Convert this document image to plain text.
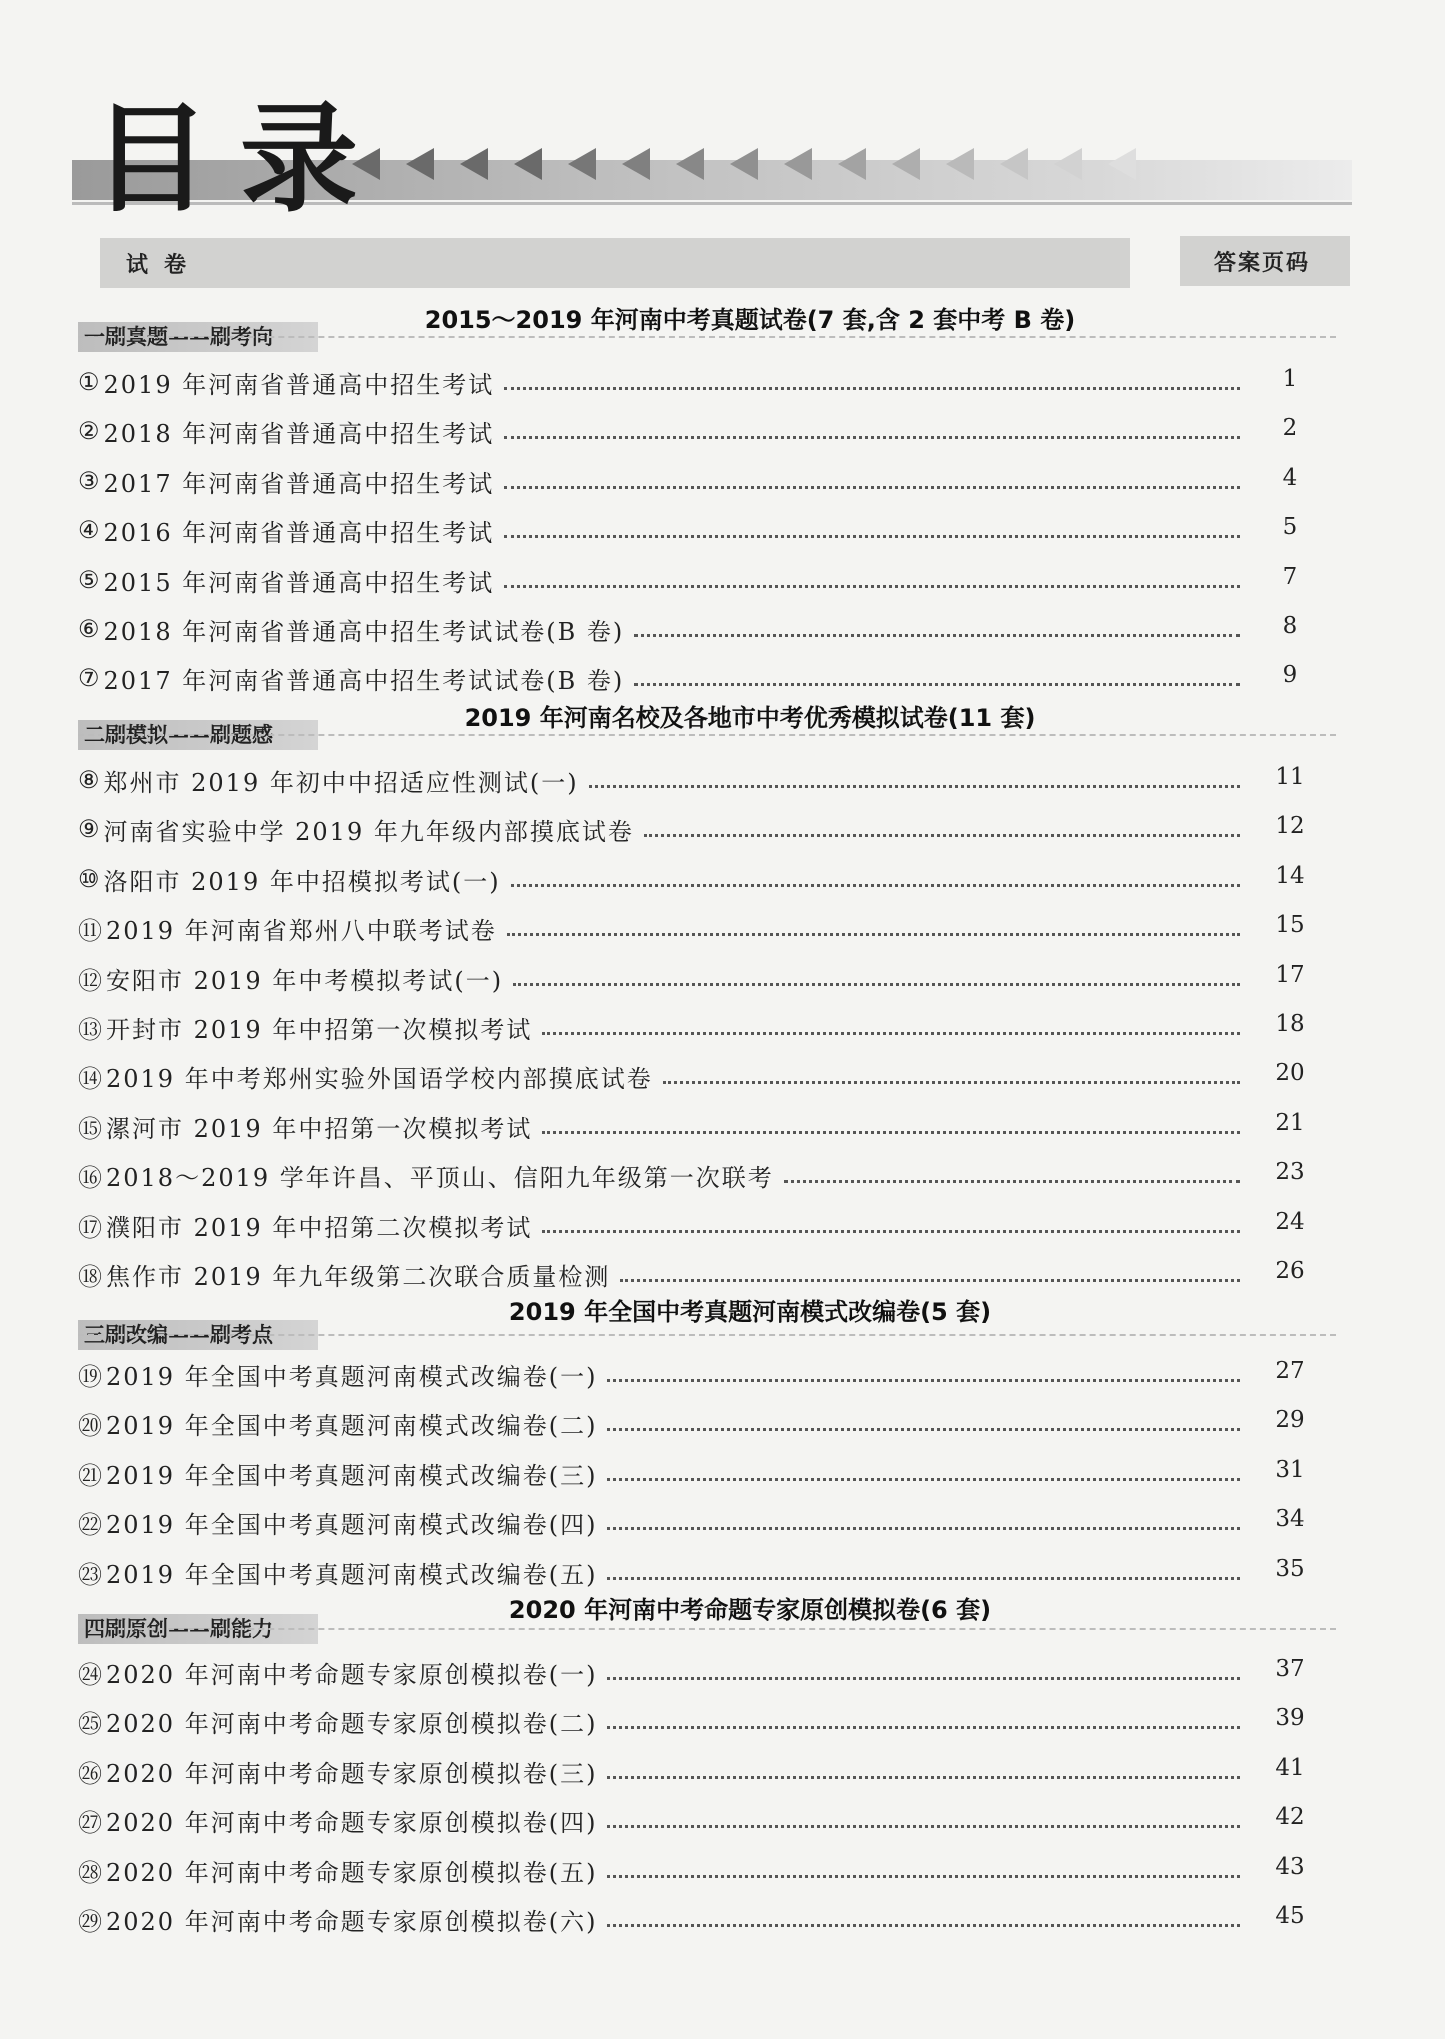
目录
试卷	答案页码
一刷真题——刷考向
2015～2019 年河南中考真题试卷(7 套,含 2 套中考 B 卷)
① 2019 年河南省普通高中招生考试	1
② 2018 年河南省普通高中招生考试	2
③ 2017 年河南省普通高中招生考试	4
④ 2016 年河南省普通高中招生考试	5
⑤ 2015 年河南省普通高中招生考试	7
⑥ 2018 年河南省普通高中招生考试试卷(B 卷)	8
⑦ 2017 年河南省普通高中招生考试试卷(B 卷)	9
二刷模拟——刷题感
2019 年河南名校及各地市中考优秀模拟试卷(11 套)
⑧ 郑州市 2019 年初中中招适应性测试(一)	11
⑨ 河南省实验中学 2019 年九年级内部摸底试卷	12
⑩ 洛阳市 2019 年中招模拟考试(一)	14
⑪ 2019 年河南省郑州八中联考试卷	15
⑫ 安阳市 2019 年中考模拟考试(一)	17
⑬ 开封市 2019 年中招第一次模拟考试	18
⑭ 2019 年中考郑州实验外国语学校内部摸底试卷	20
⑮ 漯河市 2019 年中招第一次模拟考试	21
⑯ 2018～2019 学年许昌、平顶山、信阳九年级第一次联考	23
⑰ 濮阳市 2019 年中招第二次模拟考试	24
⑱ 焦作市 2019 年九年级第二次联合质量检测	26
三刷改编——刷考点
2019 年全国中考真题河南模式改编卷(5 套)
⑲ 2019 年全国中考真题河南模式改编卷(一)	27
⑳ 2019 年全国中考真题河南模式改编卷(二)	29
㉑ 2019 年全国中考真题河南模式改编卷(三)	31
㉒ 2019 年全国中考真题河南模式改编卷(四)	34
㉓ 2019 年全国中考真题河南模式改编卷(五)	35
四刷原创——刷能力
2020 年河南中考命题专家原创模拟卷(6 套)
㉔ 2020 年河南中考命题专家原创模拟卷(一)	37
㉕ 2020 年河南中考命题专家原创模拟卷(二)	39
㉖ 2020 年河南中考命题专家原创模拟卷(三)	41
㉗ 2020 年河南中考命题专家原创模拟卷(四)	42
㉘ 2020 年河南中考命题专家原创模拟卷(五)	43
㉙ 2020 年河南中考命题专家原创模拟卷(六)	45
